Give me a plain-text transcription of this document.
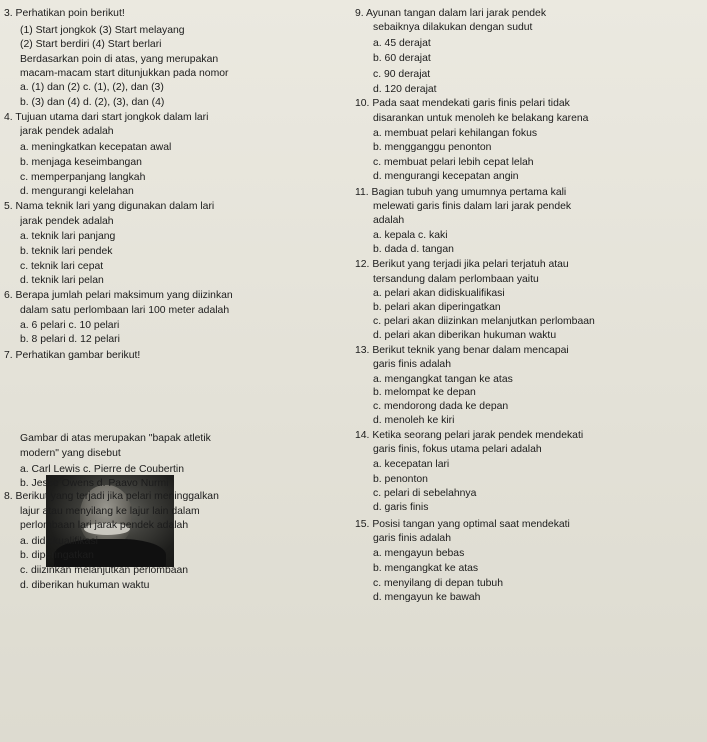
3. Perhatikan poin berikut!
(1) Start jongkok (3) Start melayang
(2) Start berdiri (4) Start berlari
Berdasarkan poin di atas, yang merupakan
macam-macam start ditunjukkan pada nomor
a. (1) dan (2) c. (1), (2), dan (3)
b. (3) dan (4) d. (2), (3), dan (4)
4. Tujuan utama dari start jongkok dalam lari
jarak pendek adalah
a. meningkatkan kecepatan awal
b. menjaga keseimbangan
c. memperpanjang langkah
d. mengurangi kelelahan
5. Nama teknik lari yang digunakan dalam lari
jarak pendek adalah
a. teknik lari panjang
b. teknik lari pendek
c. teknik lari cepat
d. teknik lari pelan
6. Berapa jumlah pelari maksimum yang diizinkan
dalam satu perlombaan lari 100 meter adalah
a. 6 pelari c. 10 pelari
b. 8 pelari d. 12 pelari
7. Perhatikan gambar berikut!
Gambar di atas merupakan "bapak atletik
modern" yang disebut
a. Carl Lewis c. Pierre de Coubertin
b. Jesse Owens d. Paavo Nurmi
8. Berikut yang terjadi jika pelari meninggalkan
lajur atau menyilang ke lajur lain dalam
perlombaan lari jarak pendek adalah
a. didiskualifikasi
b. diperingatkan
c. diizinkan melanjutkan perlombaan
d. diberikan hukuman waktu
9. Ayunan tangan dalam lari jarak pendek
sebaiknya dilakukan dengan sudut
a. 45 derajat
b. 60 derajat
c. 90 derajat
d. 120 derajat
10. Pada saat mendekati garis finis pelari tidak
disarankan untuk menoleh ke belakang karena
a. membuat pelari kehilangan fokus
b. mengganggu penonton
c. membuat pelari lebih cepat lelah
d. mengurangi kecepatan angin
11. Bagian tubuh yang umumnya pertama kali
melewati garis finis dalam lari jarak pendek
adalah
a. kepala c. kaki
b. dada d. tangan
12. Berikut yang terjadi jika pelari terjatuh atau
tersandung dalam perlombaan yaitu
a. pelari akan didiskualifikasi
b. pelari akan diperingatkan
c. pelari akan diizinkan melanjutkan perlombaan
d. pelari akan diberikan hukuman waktu
13. Berikut teknik yang benar dalam mencapai
garis finis adalah
a. mengangkat tangan ke atas
b. melompat ke depan
c. mendorong dada ke depan
d. menoleh ke kiri
14. Ketika seorang pelari jarak pendek mendekati
garis finis, fokus utama pelari adalah
a. kecepatan lari
b. penonton
c. pelari di sebelahnya
d. garis finis
15. Posisi tangan yang optimal saat mendekati
garis finis adalah
a. mengayun bebas
b. mengangkat ke atas
c. menyilang di depan tubuh
d. mengayun ke bawah
